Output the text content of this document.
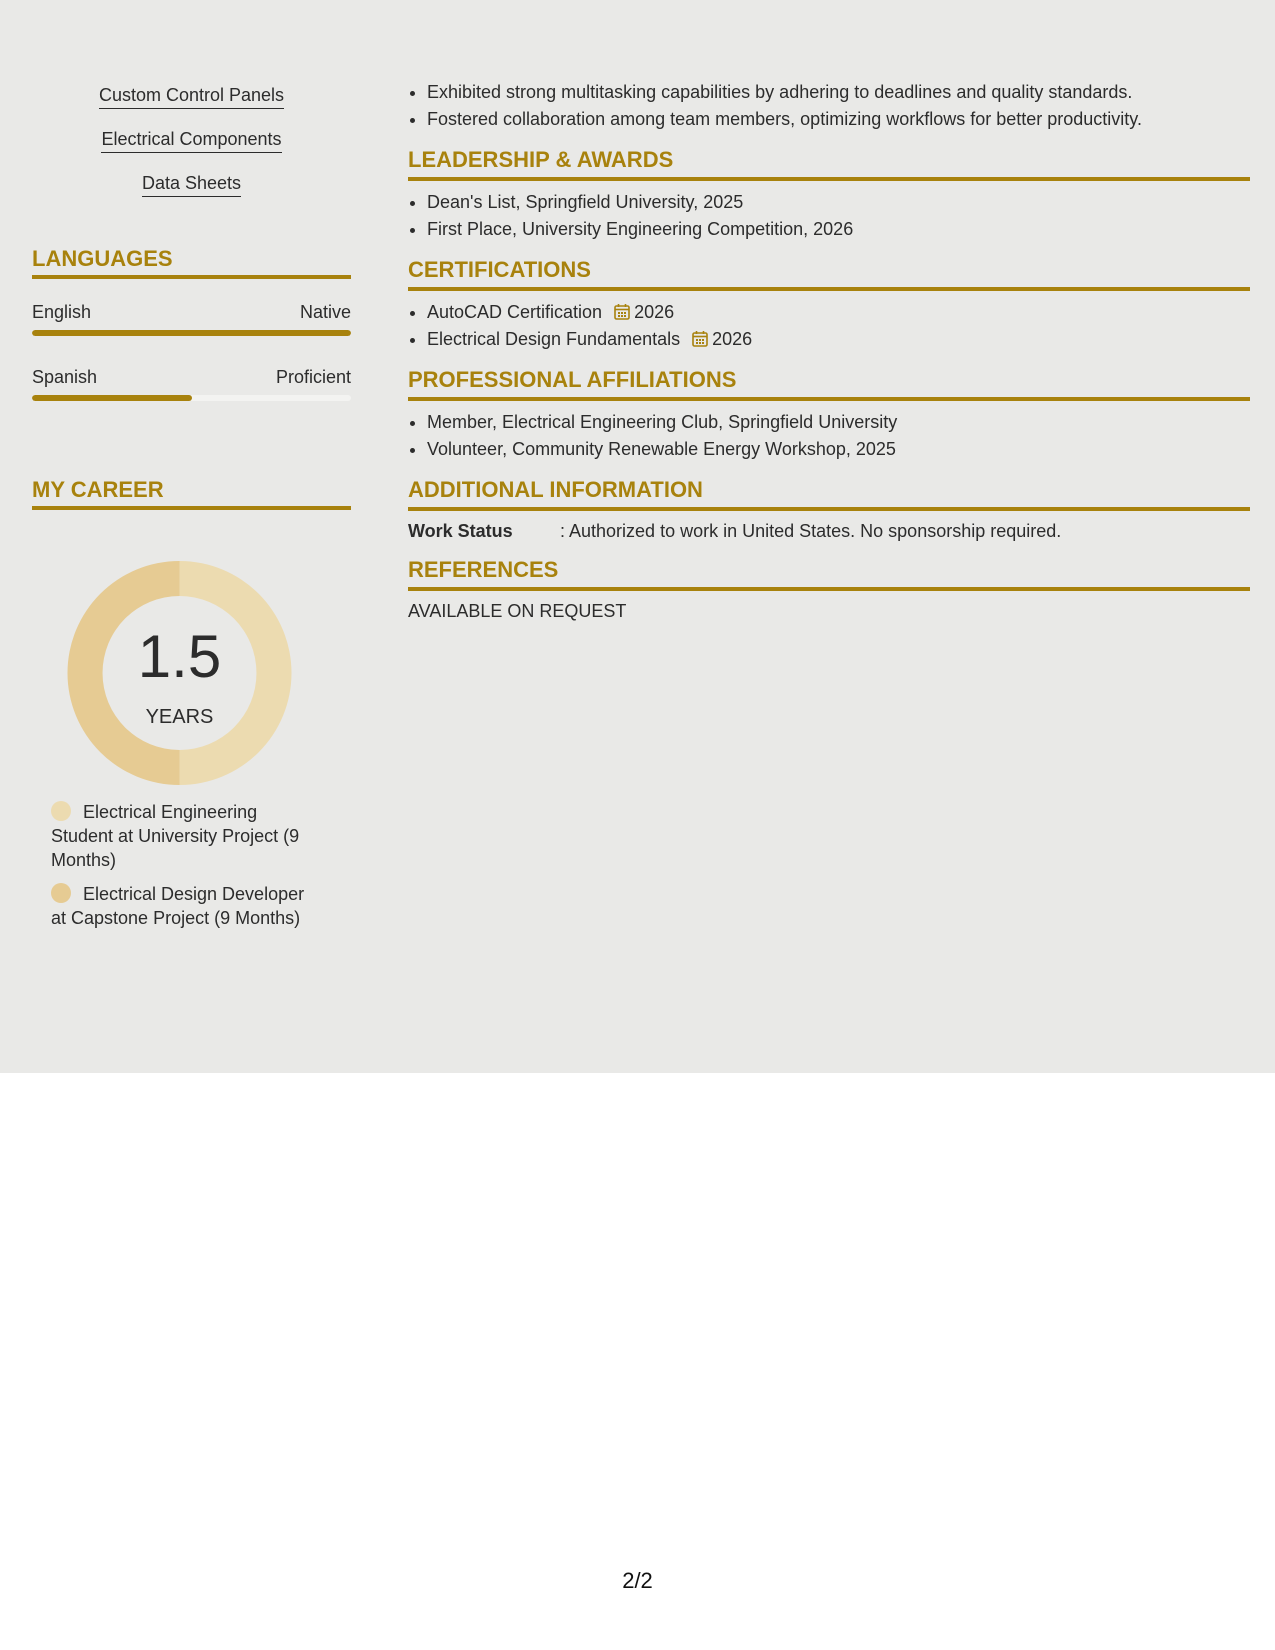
Custom Control Panels
Electrical Components
Data Sheets
LANGUAGES
English	Native
Spanish	Proficient
MY CAREER
1.5
YEARS
Electrical Engineering Student at University Project (9 Months)
Electrical Design Developer at Capstone Project (9 Months)
• Exhibited strong multitasking capabilities by adhering to deadlines and quality standards.
• Fostered collaboration among team members, optimizing workflows for better productivity.
LEADERSHIP & AWARDS
• Dean's List, Springfield University, 2025
• First Place, University Engineering Competition, 2026
CERTIFICATIONS
• AutoCAD Certification 2026
• Electrical Design Fundamentals 2026
PROFESSIONAL AFFILIATIONS
• Member, Electrical Engineering Club, Springfield University
• Volunteer, Community Renewable Energy Workshop, 2025
ADDITIONAL INFORMATION
Work Status	: Authorized to work in United States. No sponsorship required.
REFERENCES
AVAILABLE ON REQUEST
2/2
